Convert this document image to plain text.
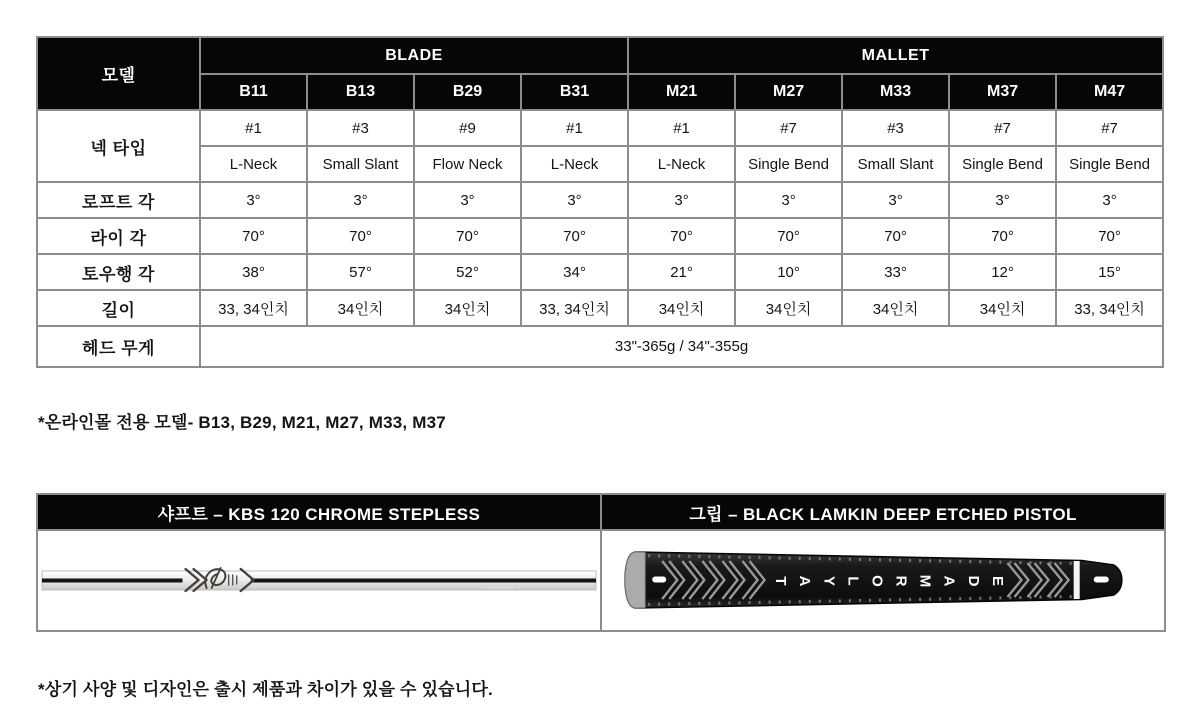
모델	BLADE				MALLET				
	B11	B13	B29	B31	M21	M27	M33	M37	M47
넥 타입	#1	#3	#9	#1	#1	#7	#3	#7	#7
	L-Neck	Small Slant	Flow Neck	L-Neck	L-Neck	Single Bend	Small Slant	Single Bend	Single Bend
로프트 각	3°	3°	3°	3°	3°	3°	3°	3°	3°
라이 각	70°	70°	70°	70°	70°	70°	70°	70°	70°
토우행 각	38°	57°	52°	34°	21°	10°	33°	12°	15°
길이	33, 34인치	34인치	34인치	33, 34인치	34인치	34인치	34인치	34인치	33, 34인치
헤드 무게	33"-365g / 34"-355g								
*온라인몰 전용 모델- B13, B29, M21, M27, M33, M37
샤프트 – KBS 120 CHROME STEPLESS	그립 – BLACK LAMKIN DEEP ETCHED PISTOL

T A Y L O R M A D E
*상기 사양 및 디자인은 출시 제품과 차이가 있을 수 있습니다.
